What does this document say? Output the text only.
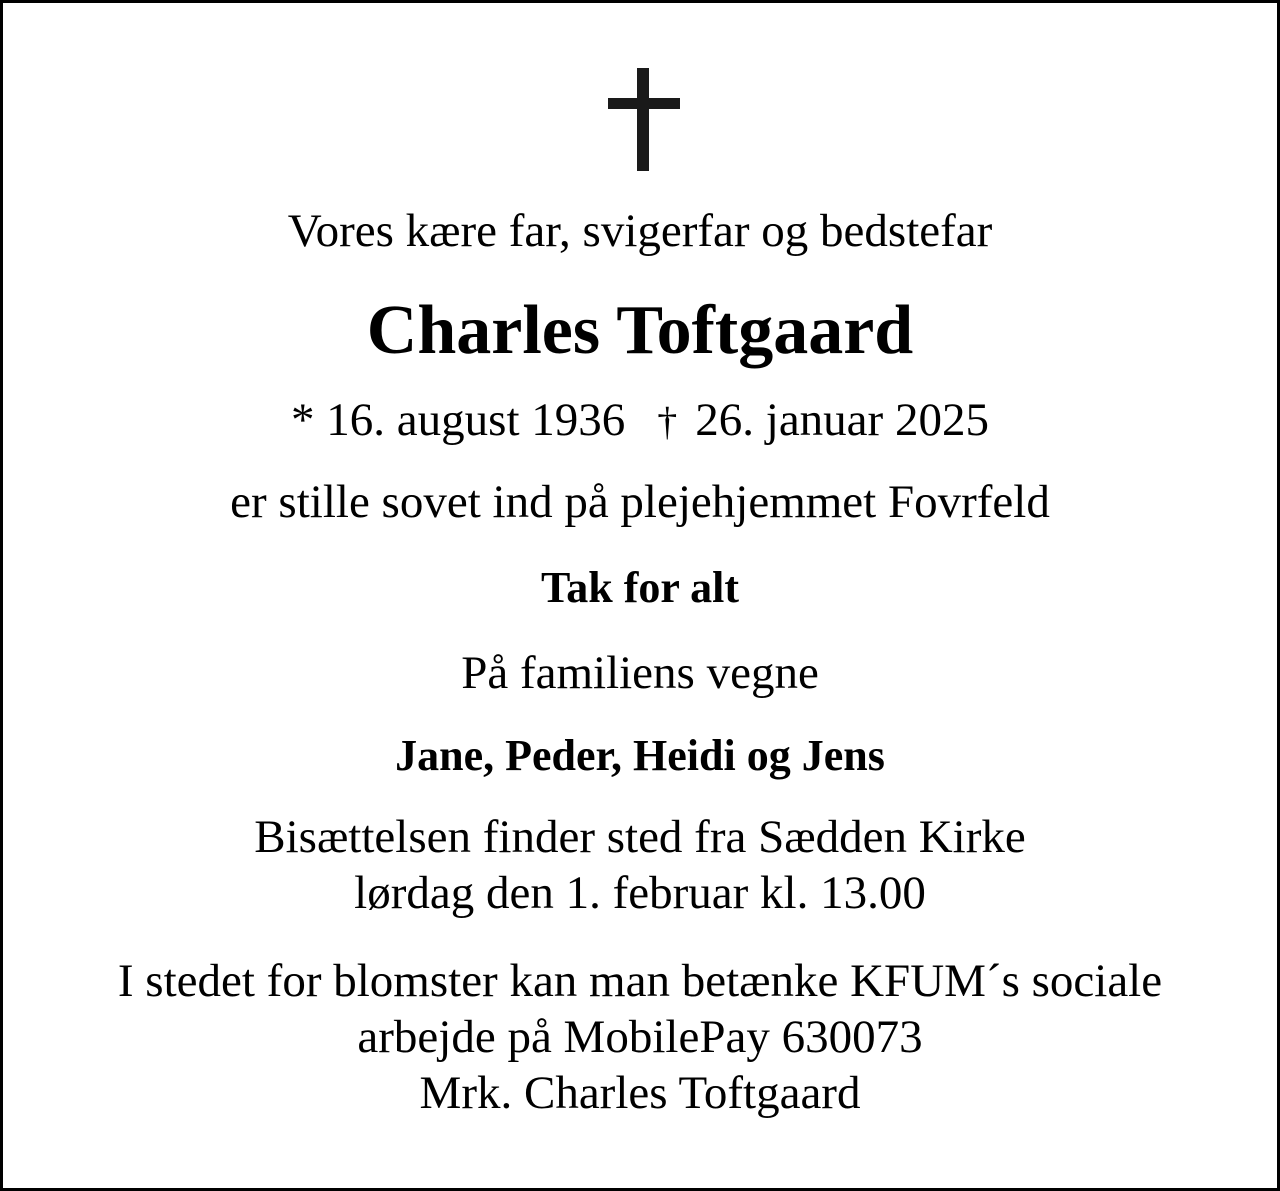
Vores kære far, svigerfar og bedstefar

Charles Toftgaard

* 16. august 1936 † 26. januar 2025

er stille sovet ind på plejehjemmet Fovrfeld

Tak for alt

På familiens vegne

Jane, Peder, Heidi og Jens

Bisættelsen finder sted fra Sædden Kirke
lørdag den 1. februar kl. 13.00

I stedet for blomster kan man betænke KFUM´s sociale
arbejde på MobilePay 630073
Mrk. Charles Toftgaard
